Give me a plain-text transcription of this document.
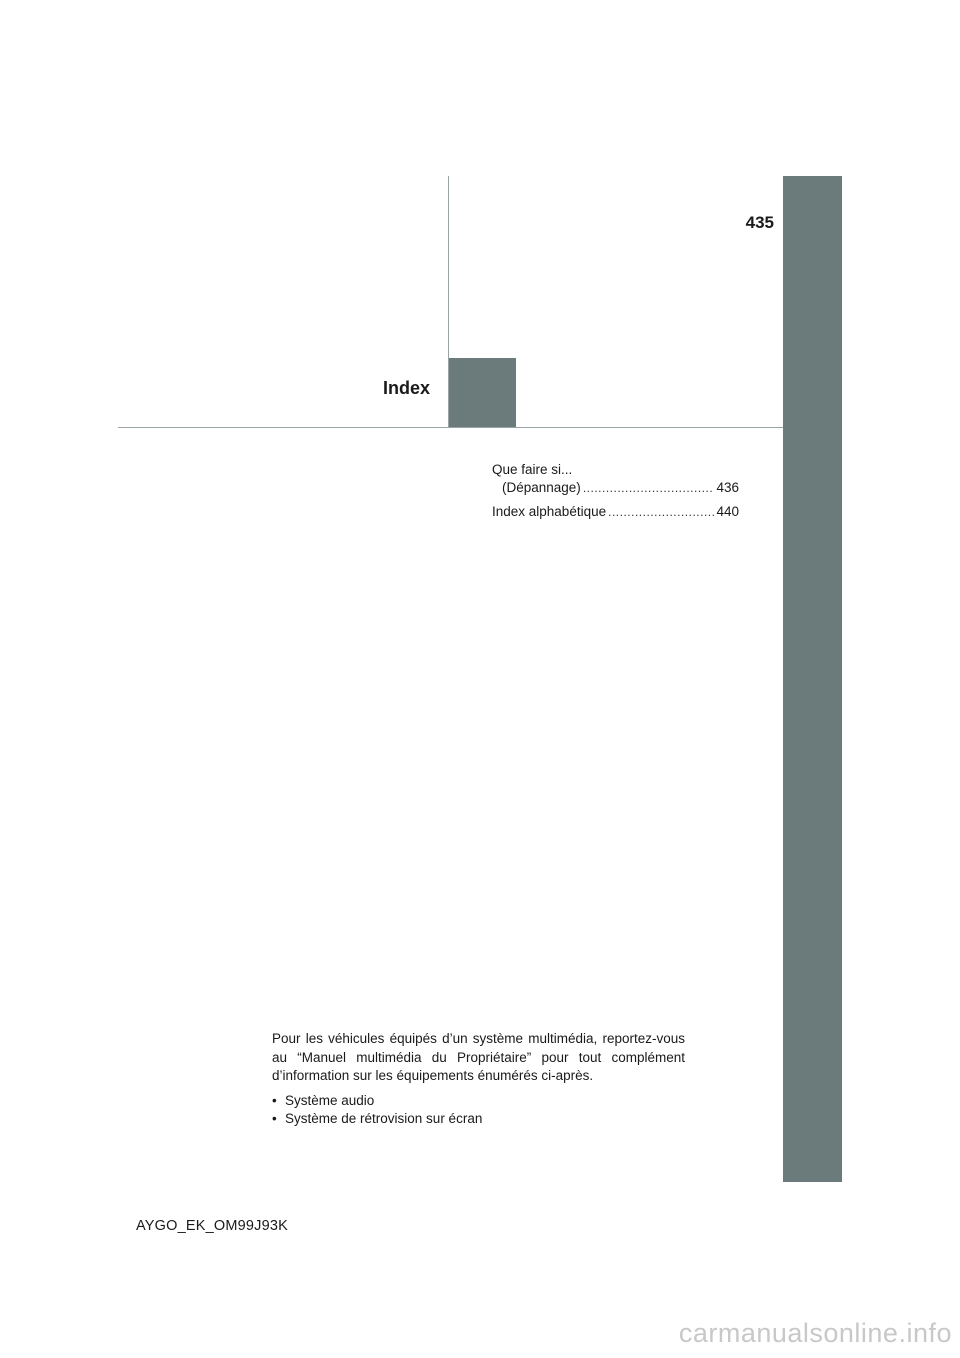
435
Index
Que faire si...
(Dépannage) .....	436
Index alphabétique .....	440

Pour les véhicules équipés d’un système multimédia, reportez-vous au “Manuel multimédia du Propriétaire” pour tout complément d’information sur les équipements énumérés ci-après.

• Système audio
• Système de rétrovision sur écran
AYGO_EK_OM99J93K
carmanualsonline.info
